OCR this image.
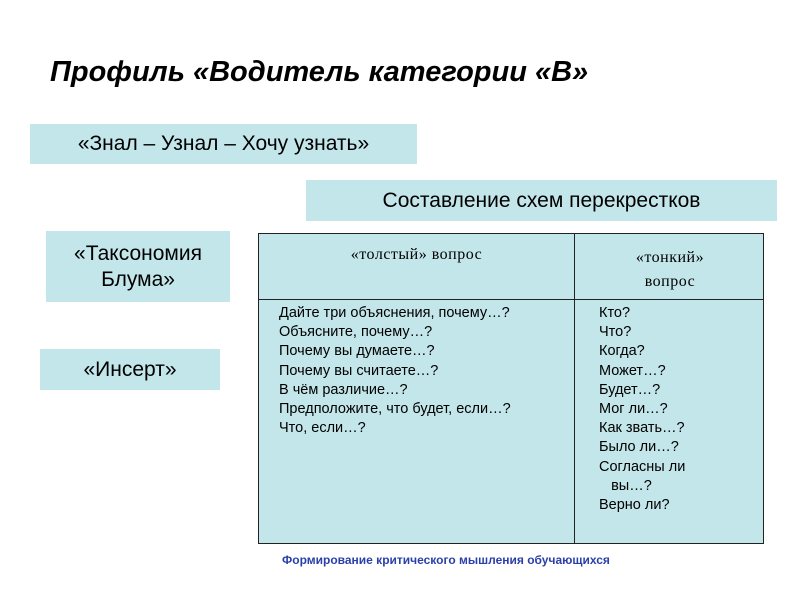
Профиль «Водитель категории «В»
«Знал – Узнал – Хочу узнать»
Составление схем перекрестков
«Таксономия
Блума»
«Инсерт»
«толстый» вопрос	«тонкий»
вопрос
Дайте три объяснения, почему…?
Объясните, почему…?
Почему вы думаете…?
Почему вы считаете…?
В чём различие…?
Предположите, что будет, если…?
Что, если…?
Кто?
Что?
Когда?
Может…?
Будет…?
Мог ли…?
Как звать…?
Было ли…?
Согласны ли
вы…?
Верно ли?
Формирование критического мышления обучающихся
